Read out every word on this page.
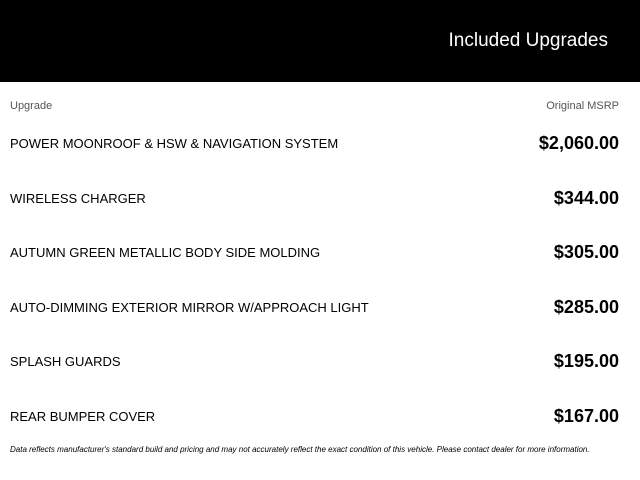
Included Upgrades
Upgrade	Original MSRP
POWER MOONROOF & HSW & NAVIGATION SYSTEM	$2,060.00
WIRELESS CHARGER	$344.00
AUTUMN GREEN METALLIC BODY SIDE MOLDING	$305.00
AUTO-DIMMING EXTERIOR MIRROR W/APPROACH LIGHT	$285.00
SPLASH GUARDS	$195.00
REAR BUMPER COVER	$167.00
Data reflects manufacturer's standard build and pricing and may not accurately reflect the exact condition of this vehicle. Please contact dealer for more information.
